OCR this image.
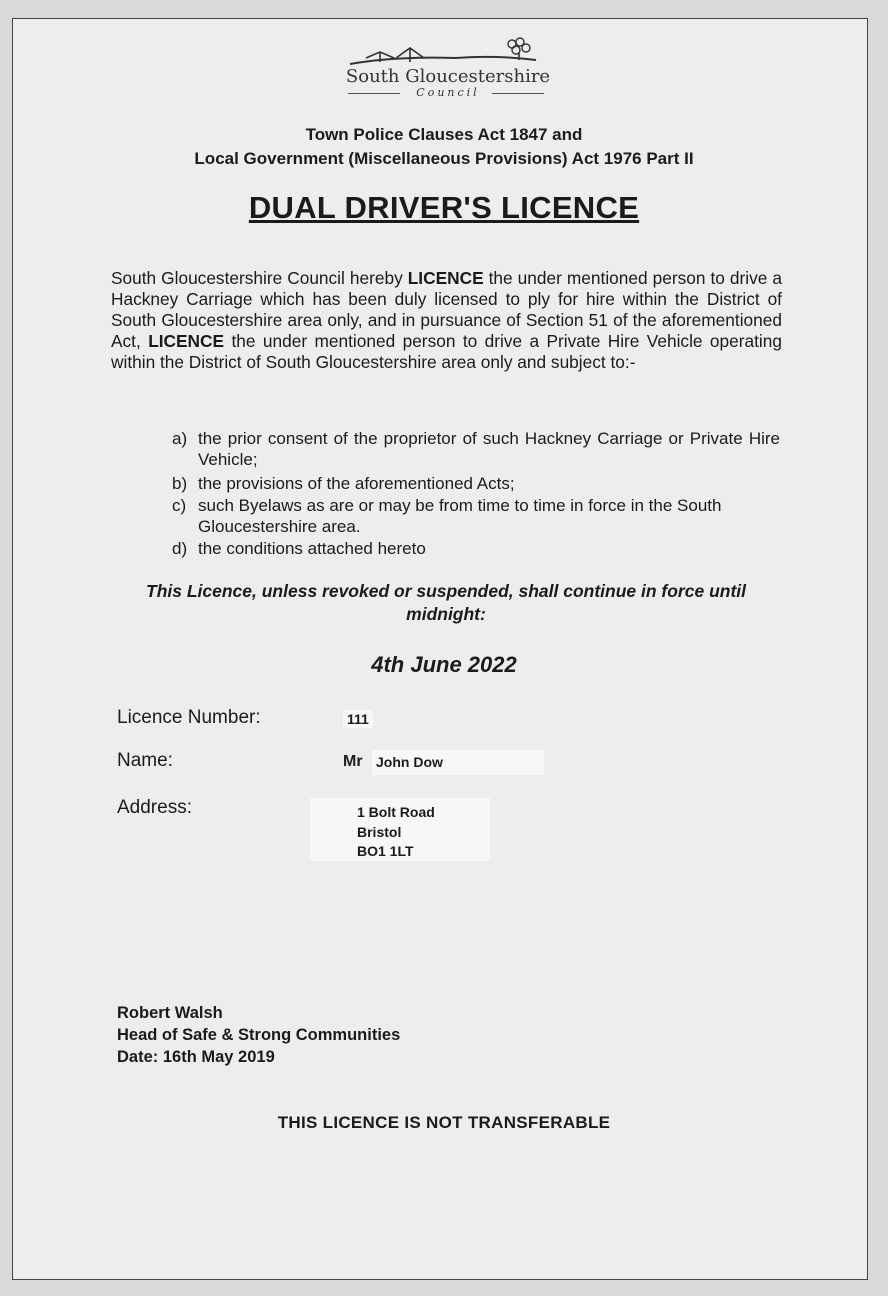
South Gloucestershire
Council
Town Police Clauses Act 1847 and
Local Government (Miscellaneous Provisions) Act 1976 Part II
DUAL DRIVER'S LICENCE
South Gloucestershire Council hereby LICENCE the under mentioned person to drive a Hackney Carriage which has been duly licensed to ply for hire within the District of South Gloucestershire area only, and in pursuance of Section 51 of the aforementioned Act, LICENCE the under mentioned person to drive a Private Hire Vehicle operating within the District of South Gloucestershire area only and subject to:-
a) the prior consent of the proprietor of such Hackney Carriage or Private Hire Vehicle;
b) the provisions of the aforementioned Acts;
c) such Byelaws as are or may be from time to time in force in the South Gloucestershire area.
d) the conditions attached hereto
This Licence, unless revoked or suspended, shall continue in force until midnight:
4th June 2022
Licence Number:	111
Name:	Mr John Dow
Address:	1 Bolt Road
Bristol
BO1 1LT
Robert Walsh
Head of Safe & Strong Communities
Date: 16th May 2019
THIS LICENCE IS NOT TRANSFERABLE
